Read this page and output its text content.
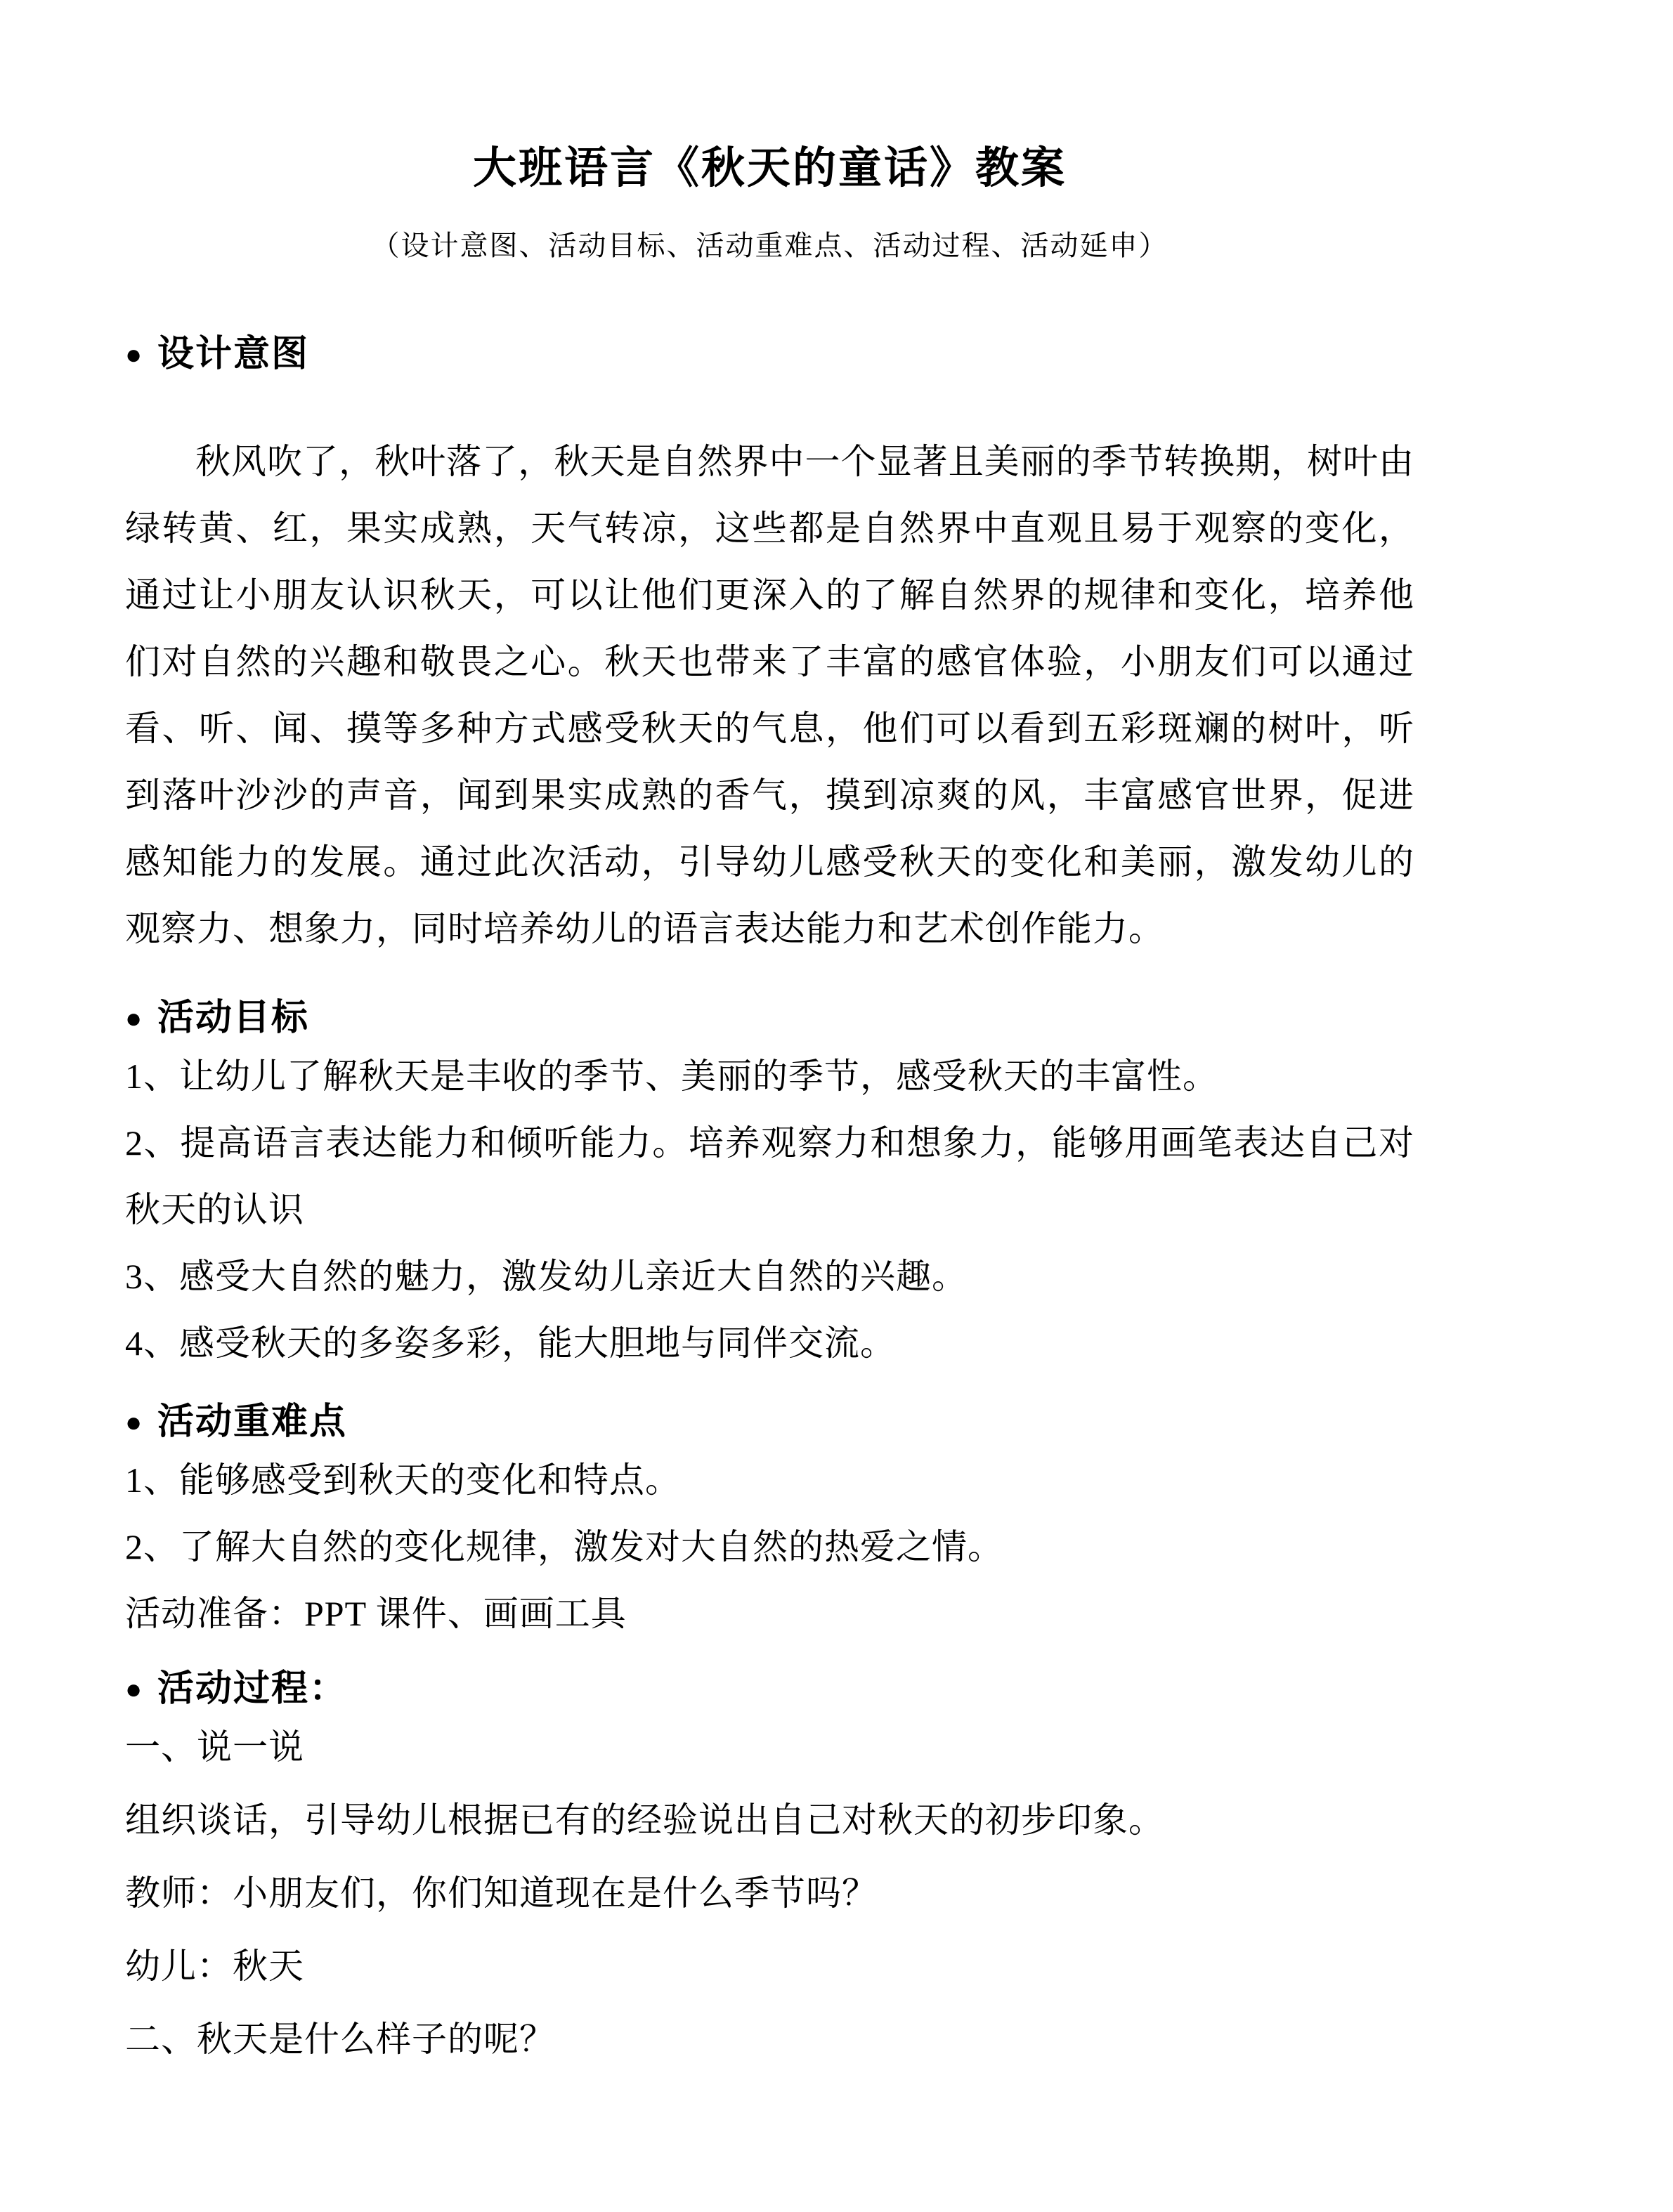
大班语言《秋天的童话》教案
（设计意图、活动目标、活动重难点、活动过程、活动延申）
● 设计意图

秋风吹了，秋叶落了，秋天是自然界中一个显著且美丽的季节转换期，树叶由绿转黄、红，果实成熟，天气转凉，这些都是自然界中直观且易于观察的变化，通过让小朋友认识秋天，可以让他们更深入的了解自然界的规律和变化，培养他们对自然的兴趣和敬畏之心。秋天也带来了丰富的感官体验，小朋友们可以通过看、听、闻、摸等多种方式感受秋天的气息，他们可以看到五彩斑斓的树叶，听到落叶沙沙的声音，闻到果实成熟的香气，摸到凉爽的风，丰富感官世界，促进感知能力的发展。通过此次活动，引导幼儿感受秋天的变化和美丽，激发幼儿的观察力、想象力，同时培养幼儿的语言表达能力和艺术创作能力。

● 活动目标
1、让幼儿了解秋天是丰收的季节、美丽的季节，感受秋天的丰富性。
2、提高语言表达能力和倾听能力。培养观察力和想象力，能够用画笔表达自己对秋天的认识
3、感受大自然的魅力，激发幼儿亲近大自然的兴趣。
4、感受秋天的多姿多彩，能大胆地与同伴交流。
● 活动重难点
1、能够感受到秋天的变化和特点。
2、了解大自然的变化规律，激发对大自然的热爱之情。
活动准备：PPT 课件、画画工具
● 活动过程：
一、说一说
组织谈话，引导幼儿根据已有的经验说出自己对秋天的初步印象。
教师：小朋友们，你们知道现在是什么季节吗？
幼儿：秋天
二、秋天是什么样子的呢？
